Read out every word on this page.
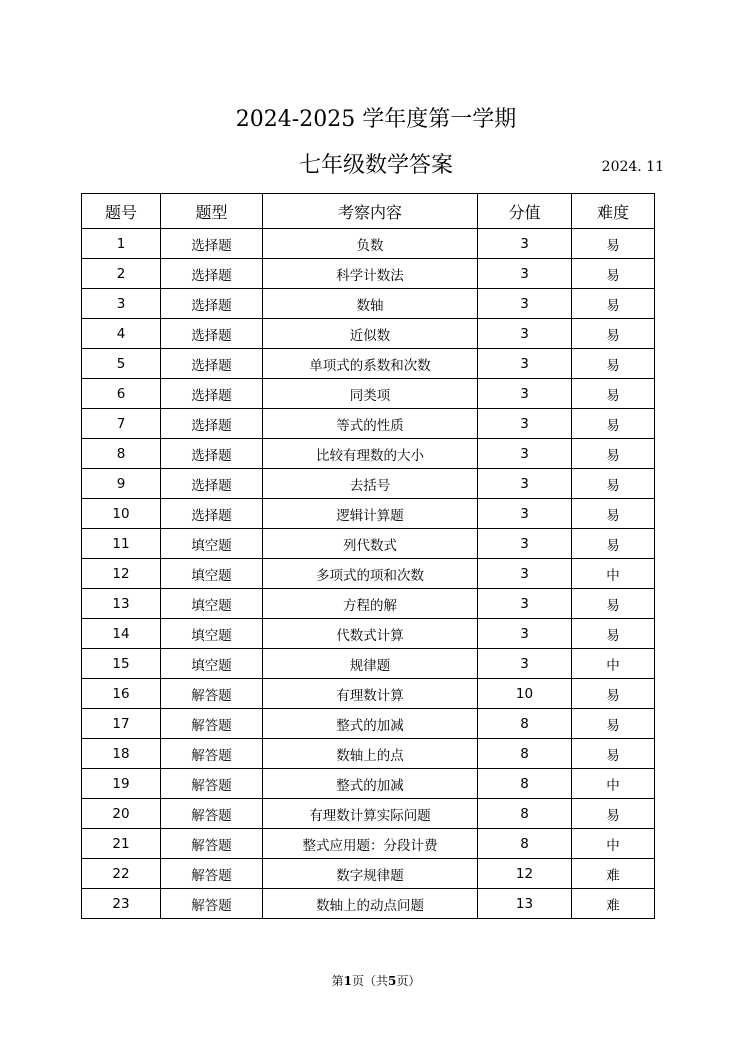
2024-2025 学年度第一学期
七年级数学答案	2024. 11
题号	题型	考察内容	分值	难度
1	选择题	负数	3	易
2	选择题	科学计数法	3	易
3	选择题	数轴	3	易
4	选择题	近似数	3	易
5	选择题	单项式的系数和次数	3	易
6	选择题	同类项	3	易
7	选择题	等式的性质	3	易
8	选择题	比较有理数的大小	3	易
9	选择题	去括号	3	易
10	选择题	逻辑计算题	3	易
11	填空题	列代数式	3	易
12	填空题	多项式的项和次数	3	中
13	填空题	方程的解	3	易
14	填空题	代数式计算	3	易
15	填空题	规律题	3	中
16	解答题	有理数计算	10	易
17	解答题	整式的加减	8	易
18	解答题	数轴上的点	8	易
19	解答题	整式的加减	8	中
20	解答题	有理数计算实际问题	8	易
21	解答题	整式应用题：分段计费	8	中
22	解答题	数字规律题	12	难
23	解答题	数轴上的动点问题	13	难
第1页（共5页）
